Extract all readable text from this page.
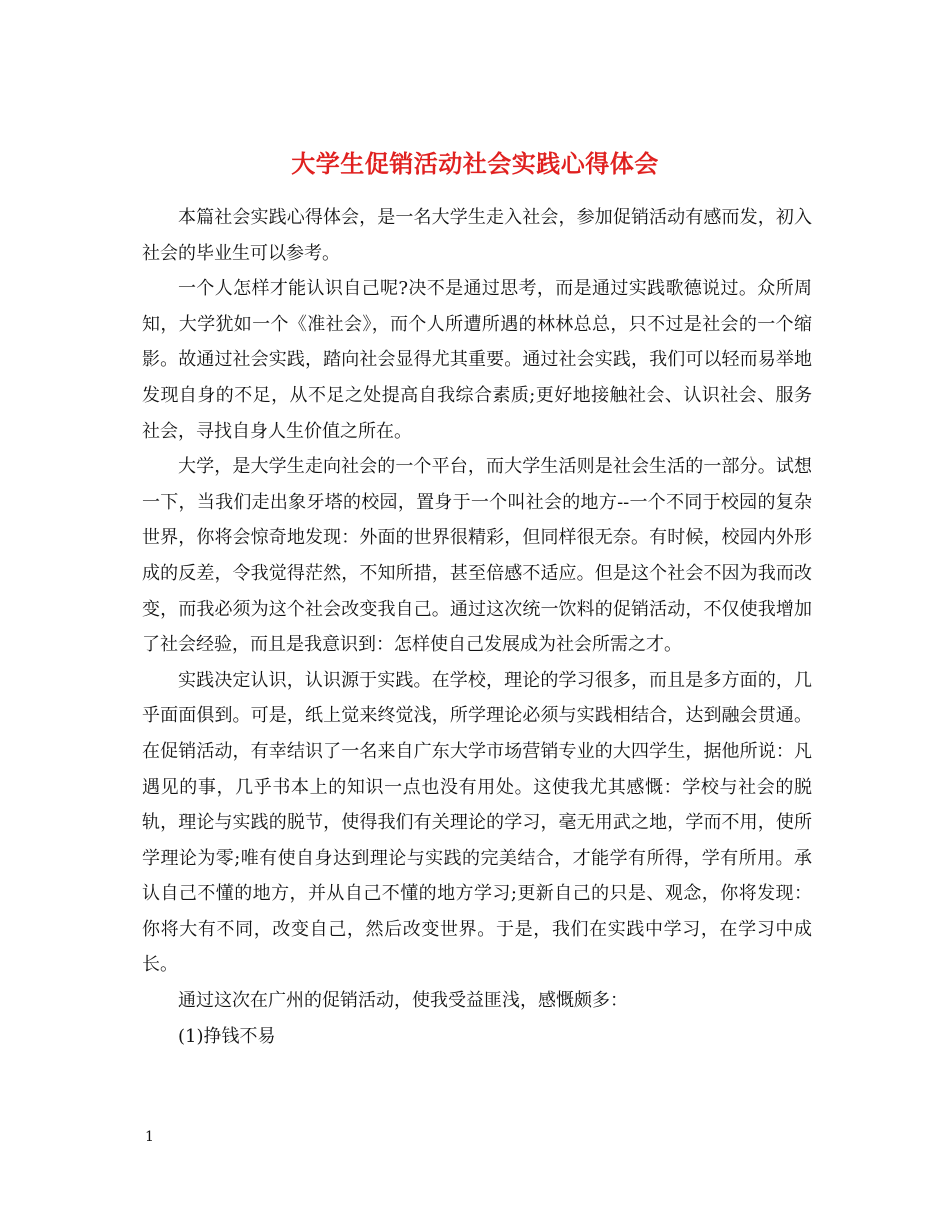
大学生促销活动社会实践心得体会

本篇社会实践心得体会，是一名大学生走入社会，参加促销活动有感而发，初入社会的毕业生可以参考。

一个人怎样才能认识自己呢?决不是通过思考，而是通过实践歌德说过。众所周知，大学犹如一个《准社会》，而个人所遭所遇的林林总总，只不过是社会的一个缩影。故通过社会实践，踏向社会显得尤其重要。通过社会实践，我们可以轻而易举地发现自身的不足，从不足之处提高自我综合素质;更好地接触社会、认识社会、服务社会，寻找自身人生价值之所在。

大学，是大学生走向社会的一个平台，而大学生活则是社会生活的一部分。试想一下，当我们走出象牙塔的校园，置身于一个叫社会的地方--一个不同于校园的复杂世界，你将会惊奇地发现：外面的世界很精彩，但同样很无奈。有时候，校园内外形成的反差，令我觉得茫然，不知所措，甚至倍感不适应。但是这个社会不因为我而改变，而我必须为这个社会改变我自己。通过这次统一饮料的促销活动，不仅使我增加了社会经验，而且是我意识到：怎样使自己发展成为社会所需之才。

实践决定认识，认识源于实践。在学校，理论的学习很多，而且是多方面的，几乎面面俱到。可是，纸上觉来终觉浅，所学理论必须与实践相结合，达到融会贯通。在促销活动，有幸结识了一名来自广东大学市场营销专业的大四学生，据他所说：凡遇见的事，几乎书本上的知识一点也没有用处。这使我尤其感慨：学校与社会的脱轨，理论与实践的脱节，使得我们有关理论的学习，毫无用武之地，学而不用，使所学理论为零;唯有使自身达到理论与实践的完美结合，才能学有所得，学有所用。承认自己不懂的地方，并从自己不懂的地方学习;更新自己的只是、观念，你将发现：你将大有不同，改变自己，然后改变世界。于是，我们在实践中学习，在学习中成长。

通过这次在广州的促销活动，使我受益匪浅，感慨颇多：

(1)挣钱不易

1
